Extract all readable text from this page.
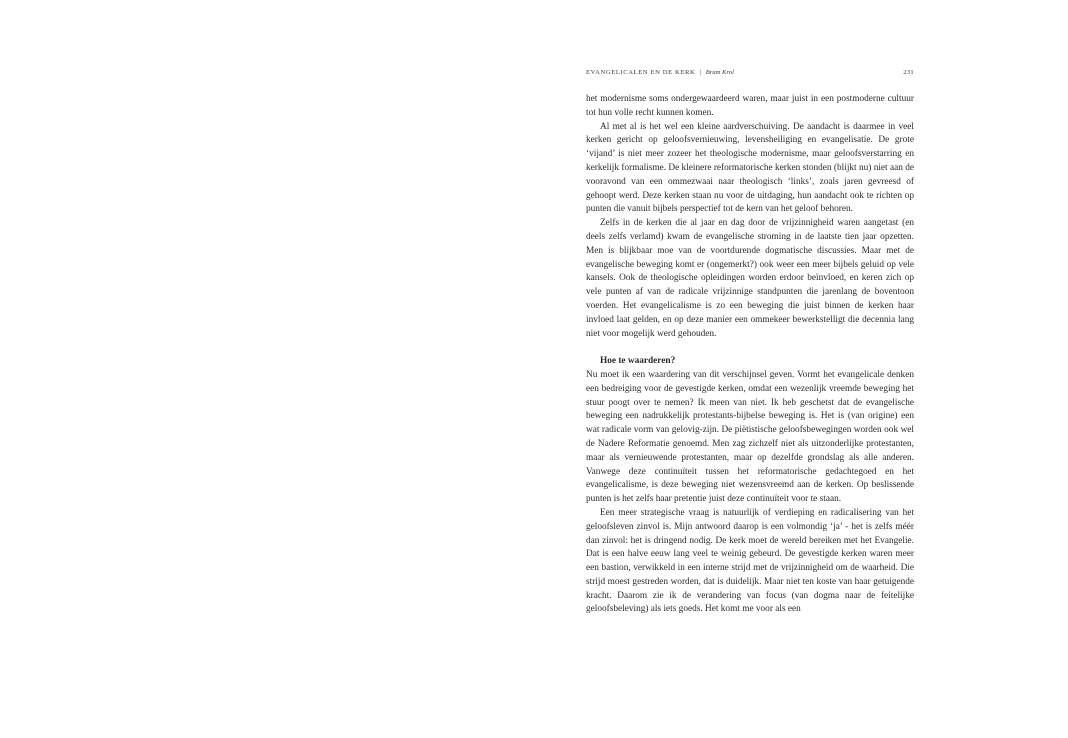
EVANGELICALEN EN DE KERK | Bram Krol	231

het modernisme soms ondergewaardeerd waren, maar juist in een postmoderne cultuur tot hun volle recht kunnen komen.

Al met al is het wel een kleine aardverschuiving. De aandacht is daarmee in veel kerken gericht op geloofsvernieuwing, levensheiliging en evangelisatie. De grote ‘vijand’ is niet meer zozeer het theologische modernisme, maar geloofsverstarring en kerkelijk formalisme. De kleinere reformatorische kerken stonden (blijkt nu) niet aan de vooravond van een ommezwaai naar theologisch ‘links’, zoals jaren gevreesd of gehoopt werd. Deze kerken staan nu voor de uitdaging, hun aandacht ook te richten op punten die vanuit bijbels perspectief tot de kern van het geloof behoren.

Zelfs in de kerken die al jaar en dag door de vrijzinnigheid waren aangetast (en deels zelfs verlamd) kwam de evangelische stroming in de laatste tien jaar opzetten. Men is blijkbaar moe van de voortdurende dogmatische discussies. Maar met de evangelische beweging komt er (ongemerkt?) ook weer een meer bijbels geluid op vele kansels. Ook de theologische opleidingen worden erdoor beïnvloed, en keren zich op vele punten af van de radicale vrijzinnige standpunten die jarenlang de boventoon voerden. Het evangelicalisme is zo een beweging die juist binnen de kerken haar invloed laat gelden, en op deze manier een ommekeer bewerkstelligt die decennia lang niet voor mogelijk werd gehouden.

Hoe te waarderen?

Nu moet ik een waardering van dit verschijnsel geven. Vormt het evangelicale denken een bedreiging voor de gevestigde kerken, omdat een wezenlijk vreemde beweging het stuur poogt over te nemen? Ik meen van niet. Ik heb geschetst dat de evangelische beweging een nadrukkelijk protestants-bijbelse beweging is. Het is (van origine) een wat radicale vorm van gelovig-zijn. De piëtistische geloofsbewegingen worden ook wel de Nadere Reformatie genoemd. Men zag zichzelf niet als uitzonderlijke protestanten, maar als vernieuwende protestanten, maar op dezelfde grondslag als alle anderen. Vanwege deze continuïteit tussen het reformatorische gedachtegoed en het evangelicalisme, is deze beweging niet wezensvreemd aan de kerken. Op beslissende punten is het zelfs haar pretentie juist deze continuïteit voor te staan.

Een meer strategische vraag is natuurlijk of verdieping en radicalisering van het geloofsleven zinvol is. Mijn antwoord daarop is een volmondig ‘ja’ - het is zelfs méér dan zinvol: het is dringend nodig. De kerk moet de wereld bereiken met het Evangelie. Dat is een halve eeuw lang veel te weinig gebeurd. De gevestigde kerken waren meer een bastion, verwikkeld in een interne strijd met de vrijzinnigheid om de waarheid. Die strijd moest gestreden worden, dat is duidelijk. Maar niet ten koste van haar getuigende kracht. Daarom zie ik de verandering van focus (van dogma naar de feitelijke geloofsbeleving) als iets goeds. Het komt me voor als een
